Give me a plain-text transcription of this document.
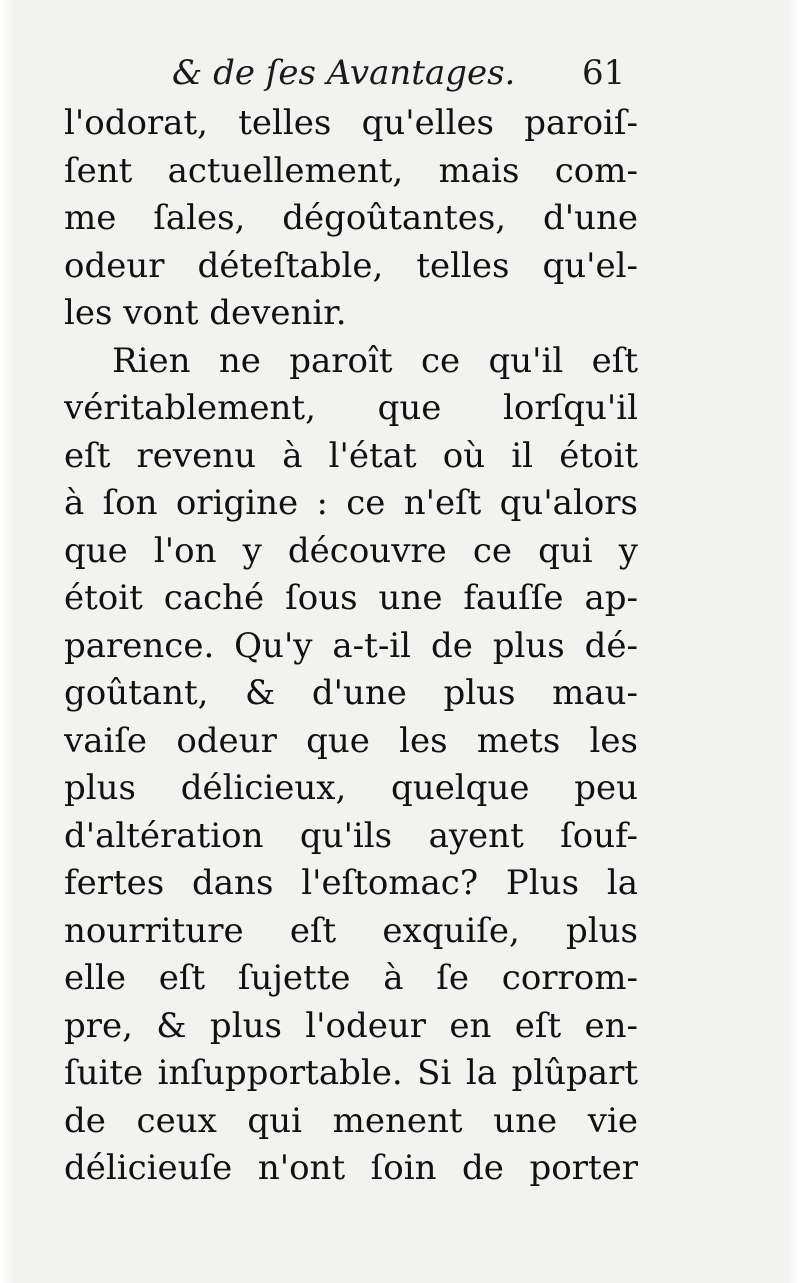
& de ſes Avantages.	61
l'odorat, telles qu'elles paroiſ-
ſent actuellement, mais com-
me ſales, dégoûtantes, d'une
odeur déteſtable, telles qu'el-
les vont devenir.
Rien ne paroît ce qu'il eſt
véritablement, que lorſqu'il
eſt revenu à l'état où il étoit
à ſon origine : ce n'eſt qu'alors
que l'on y découvre ce qui y
étoit caché ſous une fauſſe ap-
parence. Qu'y a-t-il de plus dé-
goûtant, & d'une plus mau-
vaiſe odeur que les mets les
plus délicieux, quelque peu
d'altération qu'ils ayent ſouf-
fertes dans l'eſtomac? Plus la
nourriture eſt exquiſe, plus
elle eſt ſujette à ſe corrom-
pre, & plus l'odeur en eſt en-
ſuite inſupportable. Si la plûpart
de ceux qui menent une vie
délicieuſe n'ont ſoin de porter
